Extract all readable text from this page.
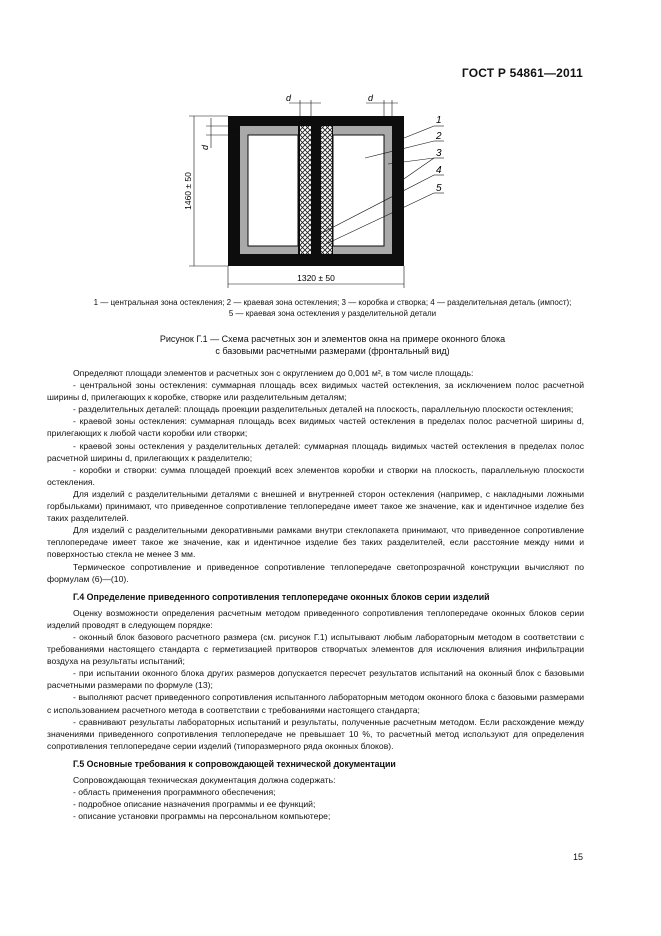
ГОСТ Р 54861—2011
d	d
d
1460 ± 50
1320 ± 50
1
2
3
4
5
1 — центральная зона остекления; 2 — краевая зона остекления; 3 — коробка и створка; 4 — разделительная деталь (импост);
5 — краевая зона остекления у разделительной детали
Рисунок Г.1 — Схема расчетных зон и элементов окна на примере оконного блока
с базовыми расчетными размерами (фронтальный вид)

Определяют площади элементов и расчетных зон с округлением до 0,001 м², в том числе площадь:

- центральной зоны остекления: суммарная площадь всех видимых частей остекления, за исключением полос расчетной ширины d, прилегающих к коробке, створке или разделительным деталям;

- разделительных деталей: площадь проекции разделительных деталей на плоскость, параллельную плоскости остекления;

- краевой зоны остекления: суммарная площадь всех видимых частей остекления в пределах полос расчетной ширины d, прилегающих к любой части коробки или створки;

- краевой зоны остекления у разделительных деталей: суммарная площадь видимых частей остекления в пределах полос расчетной ширины d, прилегающих к разделителю;

- коробки и створки: сумма площадей проекций всех элементов коробки и створки на плоскость, параллельную плоскости остекления.

Для изделий с разделительными деталями с внешней и внутренней сторон остекления (например, с накладными ложными горбыльками) принимают, что приведенное сопротивление теплопередаче имеет такое же значение, как и идентичное изделие без таких разделителей.

Для изделий с разделительными декоративными рамками внутри стеклопакета принимают, что приведенное сопротивление теплопередаче имеет такое же значение, как и идентичное изделие без таких разделителей, если расстояние между ними и поверхностью стекла не менее 3 мм.

Термическое сопротивление и приведенное сопротивление теплопередаче светопрозрачной конструкции вычисляют по формулам (6)—(10).

Г.4 Определение приведенного сопротивления теплопередаче оконных блоков серии изделий

Оценку возможности определения расчетным методом приведенного сопротивления теплопередаче оконных блоков серии изделий проводят в следующем порядке:

- оконный блок базового расчетного размера (см. рисунок Г.1) испытывают любым лабораторным методом в соответствии с требованиями настоящего стандарта с герметизацией притворов створчатых элементов для исключения влияния инфильтрации воздуха на результаты испытаний;

- при испытании оконного блока других размеров допускается пересчет результатов испытаний на оконный блок с базовыми расчетными размерами по формуле (13);

- выполняют расчет приведенного сопротивления испытанного лабораторным методом оконного блока с базовыми размерами с использованием расчетного метода в соответствии с требованиями настоящего стандарта;

- сравнивают результаты лабораторных испытаний и результаты, полученные расчетным методом. Если расхождение между значениями приведенного сопротивления теплопередаче не превышает 10 %, то расчетный метод используют для определения сопротивления теплопередаче серии изделий (типоразмерного ряда оконных блоков).

Г.5 Основные требования к сопровождающей технической документации

Сопровождающая техническая документация должна содержать:

- область применения программного обеспечения;

- подробное описание назначения программы и ее функций;

- описание установки программы на персональном компьютере;

15
